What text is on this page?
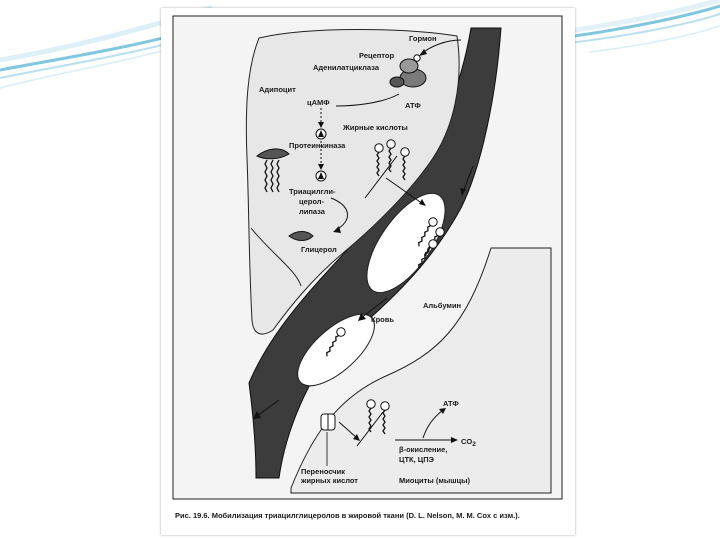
Гормон
Рецептор
Аденилатциклаза
Адипоцит
цАМФ	АТФ
Жирные кислоты
Протеинкиназа
Триацилгли-
церол-
липаза
Глицерол
Альбумин
Кровь
АТФ
CO2
β-окисление,
ЦТК, ЦПЭ
Переносчик
жирных кислот	Миоциты (мышцы)
Рис. 19.6. Мобилизация триацилглицеролов в жировой ткани (D. L. Nelson, M. M. Cox с изм.).
